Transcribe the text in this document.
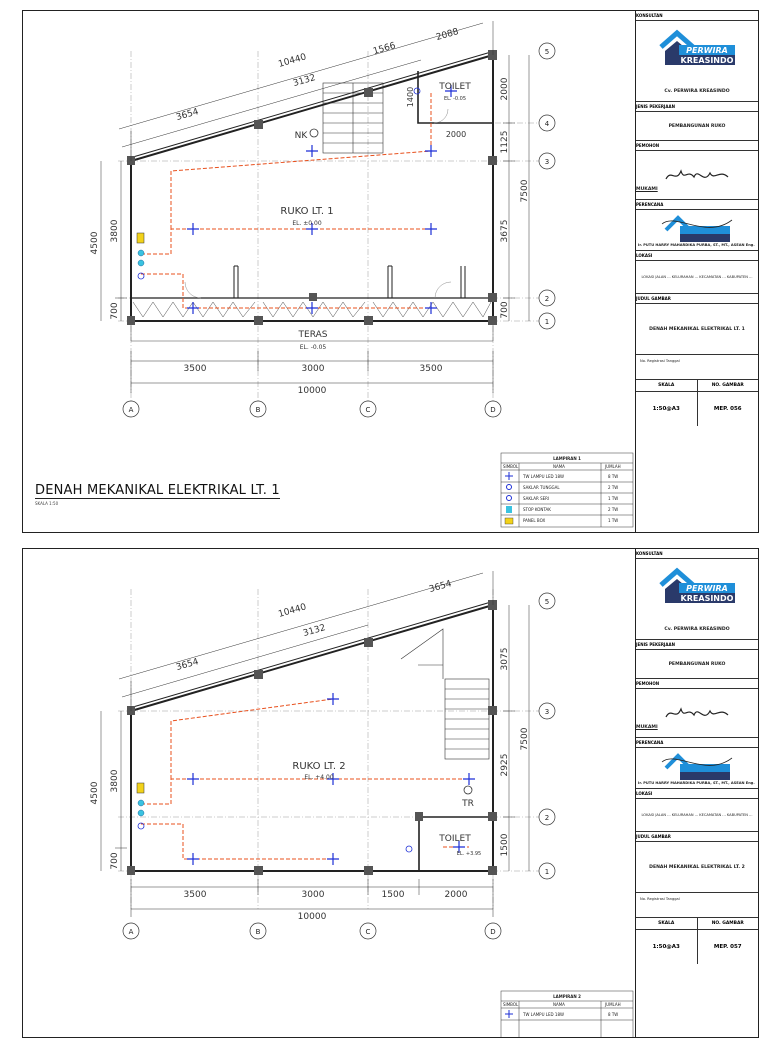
A	B	C	D
5
4
3
2
1
10440
3132
1566
2088
3654
3500	3000	3500
10000
4500
3800
700
2000
1125
3675
700
7500
1400
2000
RUKO LT. 1
EL. ±0.00
TERAS
EL. -0.05
TOILET
EL. -0.05
NK
LAMPIRAN 1
SIMBOL	NAMA	JUMLAH
TW LAMPU LED 18W	8 TW
SAKLAR TUNGGAL	2 TW
SAKLAR SERI	1 TW
STOP KONTAK	2 TW
PANEL BOX	1 TW
DENAH MEKANIKAL ELEKTRIKAL LT. 1
SKALA 1:50
KONSULTAN
PERWIRA
KREASINDO
Cv. PERWIRA KREASINDO
JENIS PEKERJAAN
PEMBANGUNAN RUKO
PEMOHON
MUKAMI
PERENCANA
Ir. PUTU HARRY MAHARDIKA PURBA, ST., MT., ASEAN Eng.
LOKASI
LOKASI JALAN ... KELURAHAN ... KECAMATAN ... KABUPATEN ...
JUDUL GAMBAR
DENAH MEKANIKAL ELEKTRIKAL LT. 1
No. Registrasi Tanggal
SKALA	NO. GAMBAR
1:50@A3	MEP. 056
A	B	C	D
5
3
2
1
10440
3654
3132
3654
3500	3000	1500	2000
10000
4500
3800
700
3075
2925
1500
7500
RUKO LT. 2
EL. +4.00
TOILET
EL. +3.95
TR
LAMPIRAN 2
SIMBOL	NAMA	JUMLAH
TW LAMPU LED 18W	8 TW
KONSULTAN
PERWIRA
KREASINDO
Cv. PERWIRA KREASINDO
JENIS PEKERJAAN
PEMBANGUNAN RUKO
PEMOHON
MUKAMI
PERENCANA
Ir. PUTU HARRY MAHARDIKA PURBA, ST., MT., ASEAN Eng.
LOKASI
LOKASI JALAN ... KELURAHAN ... KECAMATAN ... KABUPATEN ...
JUDUL GAMBAR
DENAH MEKANIKAL ELEKTRIKAL LT. 2
No. Registrasi Tanggal
SKALA	NO. GAMBAR
1:50@A3	MEP. 057
